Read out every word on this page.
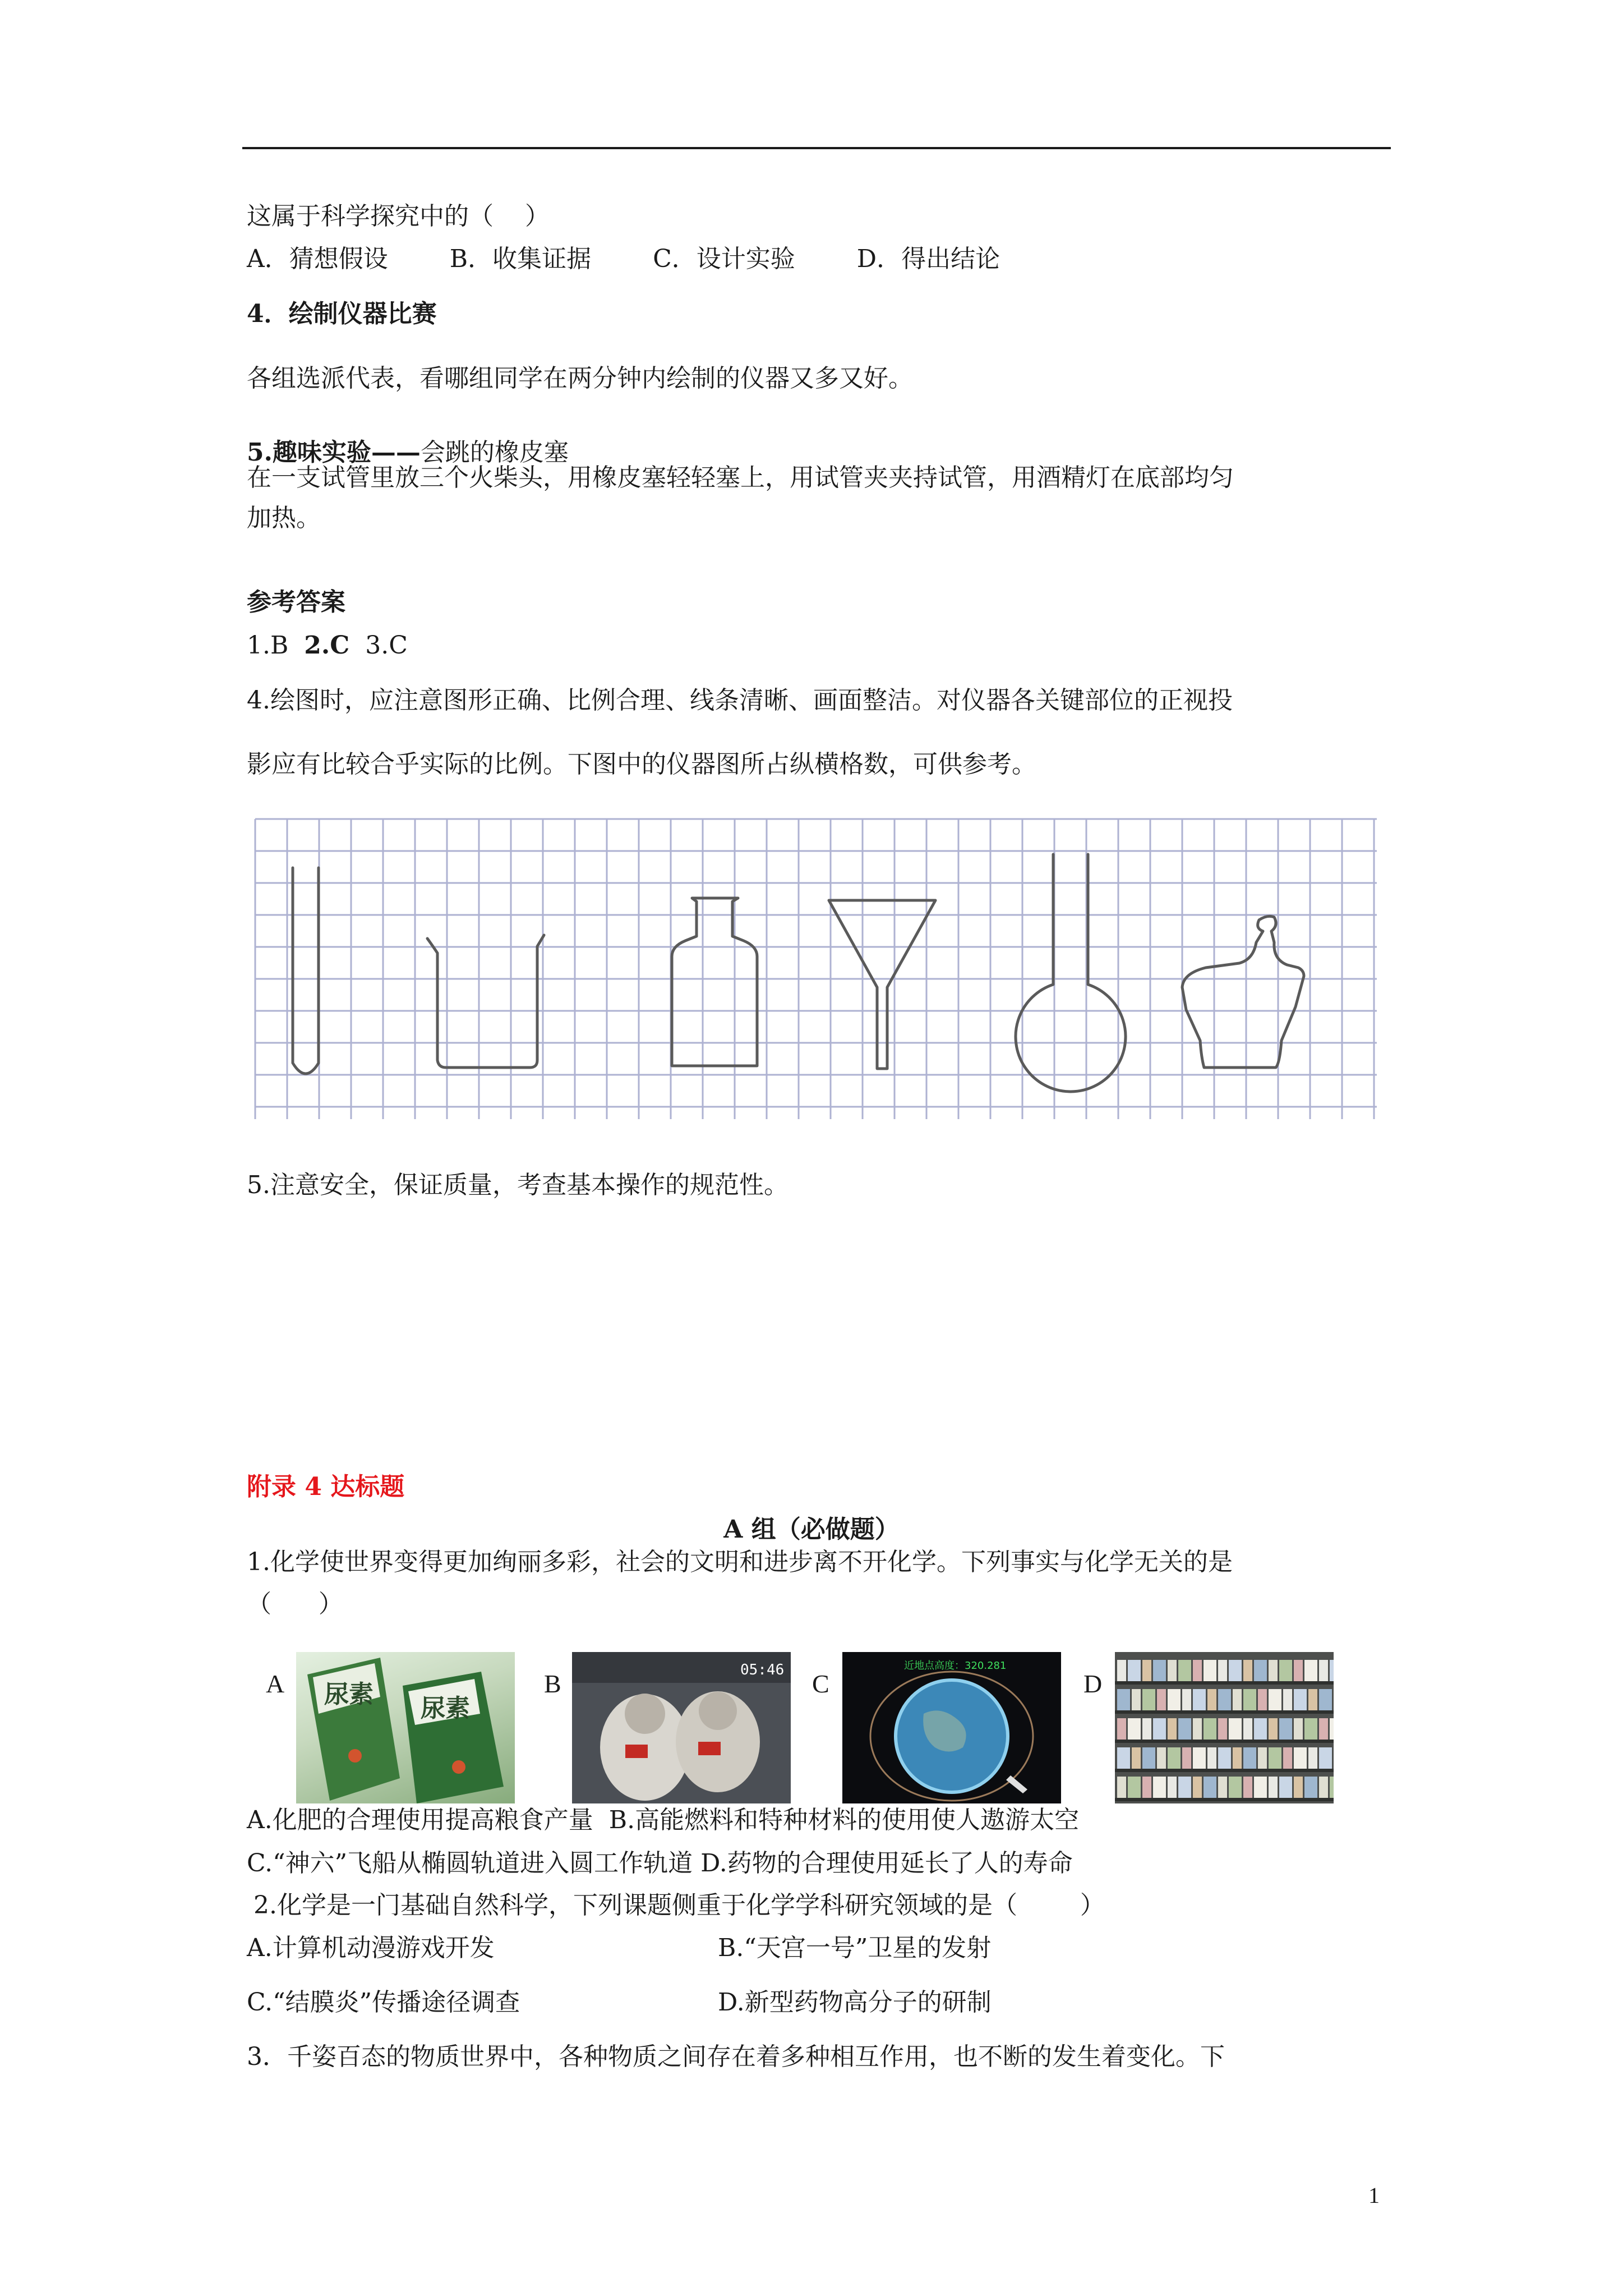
这属于科学探究中的（    ）
A．猜想假设	B．收集证据	C．设计实验	D．得出结论
4．绘制仪器比赛
各组选派代表，看哪组同学在两分钟内绘制的仪器又多又好。
5.趣味实验——会跳的橡皮塞
在一支试管里放三个火柴头，用橡皮塞轻轻塞上，用试管夹夹持试管，用酒精灯在底部均匀
加热。
参考答案
1.B  2.C  3.C
4.绘图时，应注意图形正确、比例合理、线条清晰、画面整洁。对仪器各关键部位的正视投
影应有比较合乎实际的比例。下图中的仪器图所占纵横格数，可供参考。
5.注意安全，保证质量，考查基本操作的规范性。
附录 4 达标题
A 组（必做题）
1.化学使世界变得更加绚丽多彩，社会的文明和进步离不开化学。下列事实与化学无关的是
（      ）
A 尿素 尿素
B	05:46 C
近地点高度：320.281
D
A.化肥的合理使用提高粮食产量 B.高能燃料和特种材料的使用使人遨游太空
C.“神六”飞船从椭圆轨道进入圆工作轨道 D.药物的合理使用延长了人的寿命
2.化学是一门基础自然科学，下列课题侧重于化学学科研究领域的是（        ）
A.计算机动漫游戏开发	B.“天宫一号”卫星的发射
C.“结膜炎”传播途径调查	D.新型药物高分子的研制
3．千姿百态的物质世界中，各种物质之间存在着多种相互作用，也不断的发生着变化。下
1
